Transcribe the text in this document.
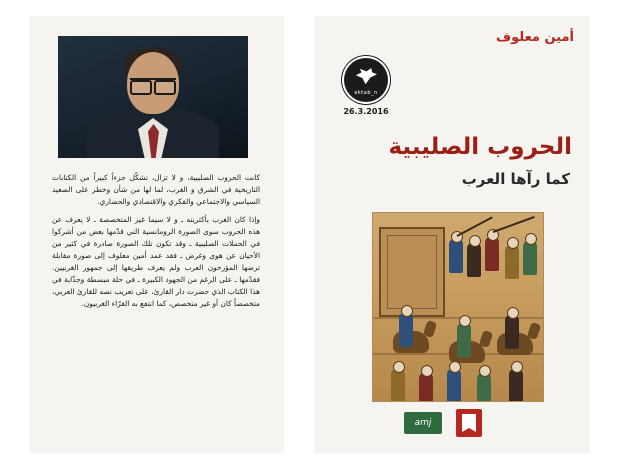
كانت الحروب الصليبية، و لا تزال، تشكّل جزءاً كبيراً من الكتابات التاريخية في الشرق و الغرب، لما لها من شأن وخطر على الصعيد السياسي والاجتماعي والفكري والاقتصادي والحضاري.

وإذا كان الغرب بأكثريته ـ و لا سيما غير المتخصصة ـ لا يعرف عن هذه الحروب سوى الصورة الرومانسية التي قدّمها بعض من أشركوا في الحملات الصليبية ـ وقد تكون تلك الصورة صادرة في كثير من الأحيان عن هوى وغرض ـ فقد عمد أمين معلوف إلى صورة مقابلة ترضها المؤرخون العرب ولم يعرف طريقها إلى جمهور الغربيين. فقدّمها ـ على الرغم من الجهود الكبيرة ـ في حلة مبسطة وجذّابة في هذا الكتاب الذي حضرت دار القارئ، على تعريب نصه للقارئ العربي، متخصصاً كان أو غير متخصص، كما انتفع به القرّاء الغربيون.

أمين معلوف
ektab_n
26.3.2016
الحروب الصليبية
كما رآها العرب
amj
